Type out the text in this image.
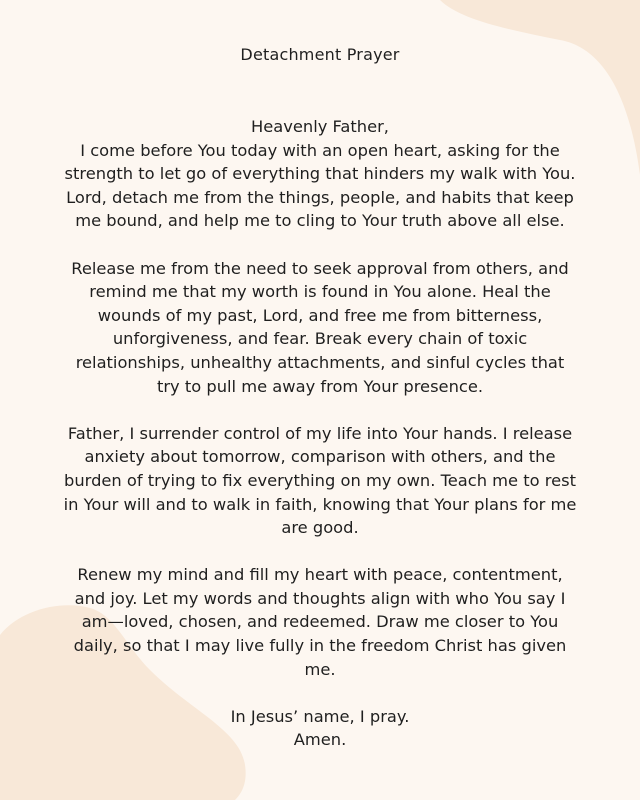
Detachment Prayer

Heavenly Father,
I come before You today with an open heart, asking for the
strength to let go of everything that hinders my walk with You.
Lord, detach me from the things, people, and habits that keep
me bound, and help me to cling to Your truth above all else.

Release me from the need to seek approval from others, and
remind me that my worth is found in You alone. Heal the
wounds of my past, Lord, and free me from bitterness,
unforgiveness, and fear. Break every chain of toxic
relationships, unhealthy attachments, and sinful cycles that
try to pull me away from Your presence.

Father, I surrender control of my life into Your hands. I release
anxiety about tomorrow, comparison with others, and the
burden of trying to fix everything on my own. Teach me to rest
in Your will and to walk in faith, knowing that Your plans for me
are good.

Renew my mind and fill my heart with peace, contentment,
and joy. Let my words and thoughts align with who You say I
am—loved, chosen, and redeemed. Draw me closer to You
daily, so that I may live fully in the freedom Christ has given
me.

In Jesus’ name, I pray.
Amen.
